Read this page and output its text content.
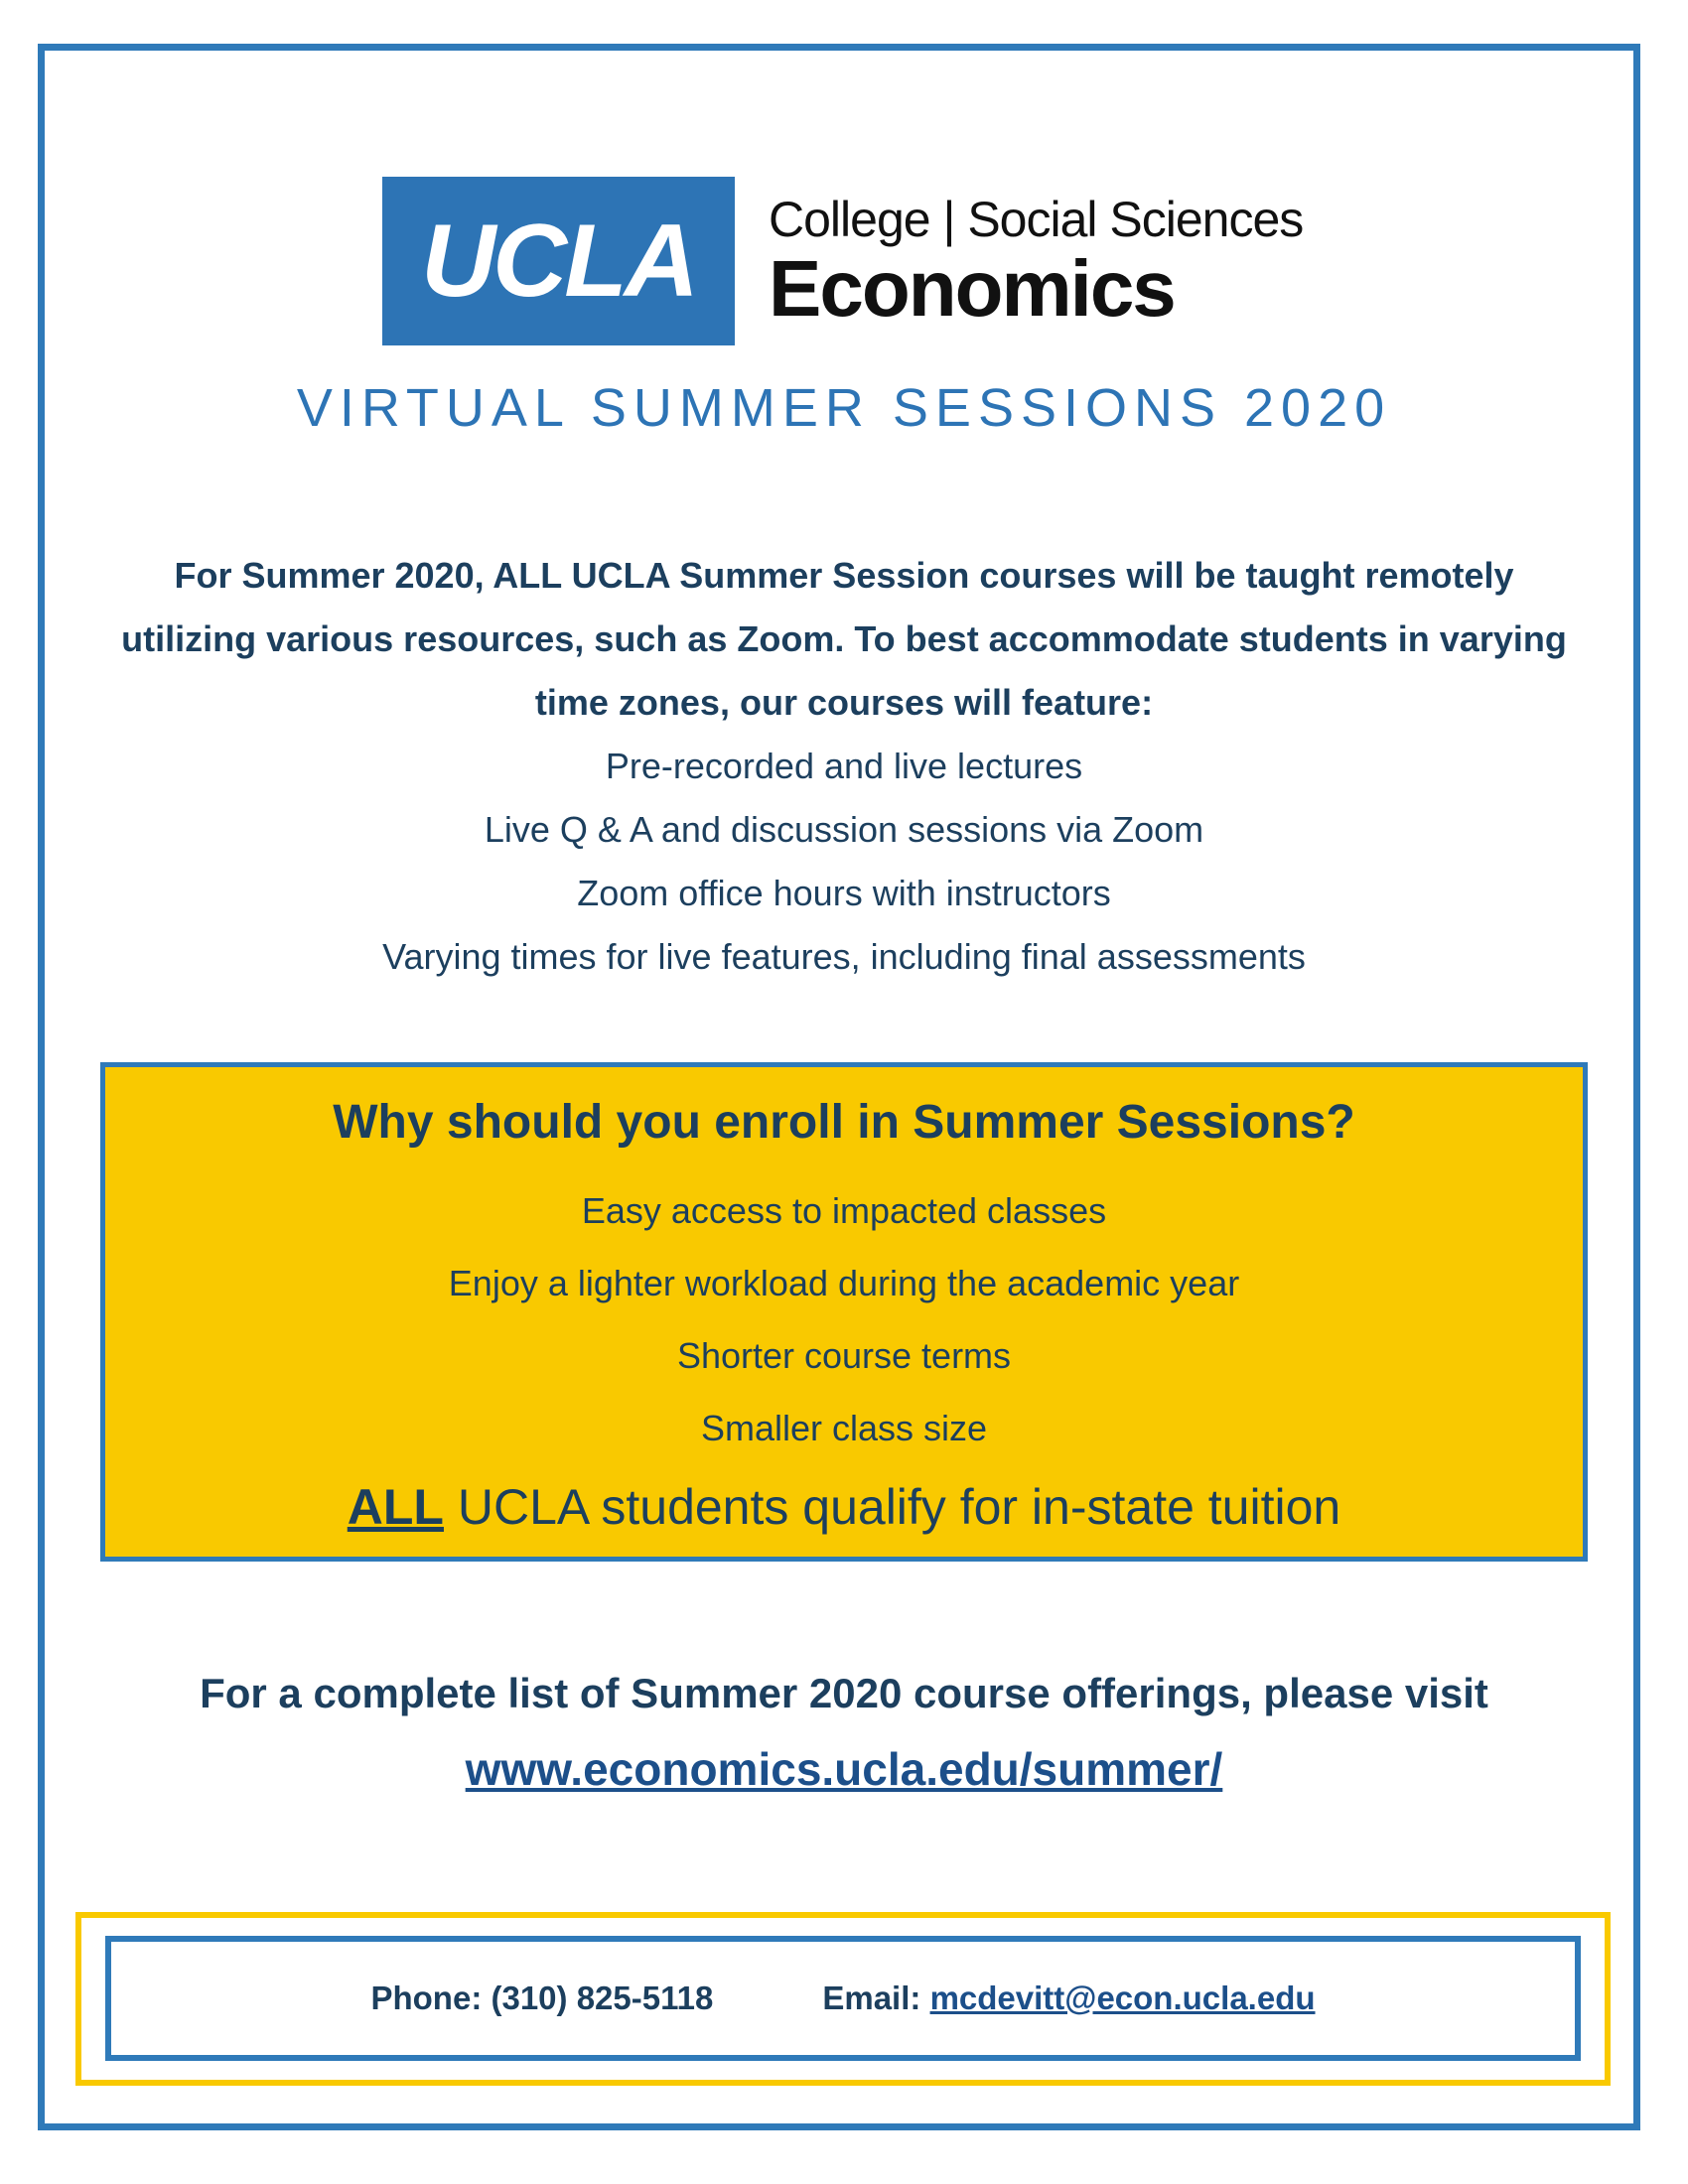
UCLA	College | Social Sciences
Economics
VIRTUAL SUMMER SESSIONS 2020

For Summer 2020, ALL UCLA Summer Session courses will be taught remotely utilizing various resources, such as Zoom. To best accommodate students in varying time zones, our courses will feature:

Pre-recorded and live lectures
Live Q & A and discussion sessions via Zoom
Zoom office hours with instructors
Varying times for live features, including final assessments
Why should you enroll in Summer Sessions?
Easy access to impacted classes
Enjoy a lighter workload during the academic year
Shorter course terms
Smaller class size
ALL UCLA students qualify for in-state tuition
For a complete list of Summer 2020 course offerings, please visit
www.economics.ucla.edu/summer/
Phone: (310) 825-5118	Email: mcdevitt@econ.ucla.edu
